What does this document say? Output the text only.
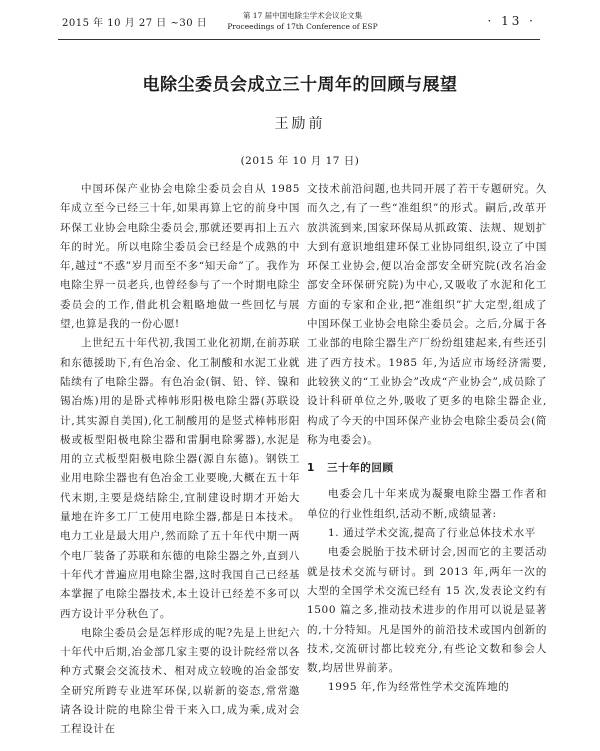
2015 年 10 月 27 日 ~30 日
第 17 届中国电除尘学术会议论文集
Proceedings of 17th Conference of ESP	· 13 ·
电除尘委员会成立三十周年的回顾与展望
王励前
(2015 年 10 月 17 日)

中国环保产业协会电除尘委员会自从 1985 年成立至今已经三十年,如果再算上它的前身中国环保工业协会电除尘委员会,那就还要再扣上五六年的时光。所以电除尘委员会已经是个成熟的中年,越过“不惑”岁月而至不多“知天命”了。我作为电除尘界一员老兵,也曾经参与了一个时期电除尘委员会的工作,借此机会粗略地做一些回忆与展望,也算是我的一份心愿!

上世纪五十年代初,我国工业化初期,在前苏联和东德援助下,有色冶金、化工制酸和水泥工业就陆续有了电除尘器。有色冶金(铜、铅、锌、镍和锡冶炼)用的是卧式棒帏形阳极电除尘器(苏联设计,其实源自美国),化工制酸用的是竖式棒帏形阳极或板型阳极电除尘器和雷胴电除雾器),水泥是用的立式板型阳极电除尘器(源自东德)。钢铁工业用电除尘器也有色冶金工业要晚,大概在五十年代末期,主要是烧结除尘,宜制建设时期才开始大量地在许多工厂工使用电除尘器,都是日本技术。电力工业是最大用户,然而除了五十年代中期一两个电厂装备了苏联和东德的电除尘器之外,直到八十年代才普遍应用电除尘器,这时我国自己已经基本掌握了电除尘器技术,本土设计已经差不多可以西方设计平分秋色了。

电除尘委员会是怎样形成的呢?先是上世纪六十年代中后期,冶金部几家主要的设计院经常以各种方式聚会交流技术、相对成立较晚的冶金部安全研究所跨专业进军环保,以崭新的姿态,常常邀请各设计院的电除尘骨干来入口,成为乘,成对会工程设计在

文技术前沿问题,也共同开展了若干专题研究。久而久之,有了一些“准组织”的形式。嗣后,改革开放洪流到来,国家环保局从抓政策、法规、规划扩大到有意识地组建环保工业协同组织,设立了中国环保工业协会,便以冶金部安全研究院(改名冶金部安全环保研究院)为中心,又吸收了水泥和化工方面的专家和企业,把“准组织”扩大定型,组成了中国环保工业协会电除尘委员会。之后,分属于各工业部的电除尘器生产厂纷纷组建起来,有些还引进了西方技术。1985 年,为适应市场经济需要,此较狭义的“工业协会”改成“产业协会”,成员除了设计科研单位之外,吸收了更多的电除尘器企业,构成了今天的中国环保产业协会电除尘委员会(简称为电委会)。

1 三十年的回顾

电委会几十年来成为凝聚电除尘器工作者和单位的行业性组织,活动不断,成绩显著:

1. 通过学术交流,提高了行业总体技术水平

电委会脱胎于技术研讨会,因而它的主要活动就是技术交流与研讨。到 2013 年,两年一次的大型的全国学术交流已经有 15 次,发表论文约有 1500 篇之多,推动技术进步的作用可以说是显著的,十分特知。凡是国外的前沿技术或国内创新的技术,交流研讨都比较充分,有些论文数和参会人数,均居世界前茅。

1995 年,作为经常性学术交流阵地的
